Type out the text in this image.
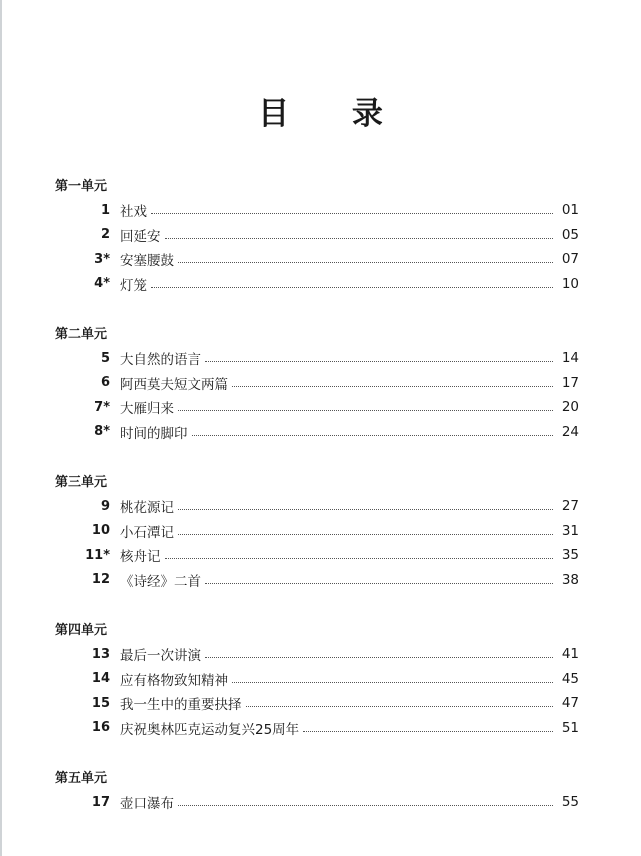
目 录
第一单元
1 社戏	01
2 回延安	05
3* 安塞腰鼓	07
4* 灯笼	10
第二单元
5 大自然的语言	14
6 阿西莫夫短文两篇	17
7* 大雁归来	20
8* 时间的脚印	24
第三单元
9 桃花源记	27
10 小石潭记	31
11* 核舟记	35
12 《诗经》二首	38
第四单元
13 最后一次讲演	41
14 应有格物致知精神	45
15 我一生中的重要抉择	47
16 庆祝奥林匹克运动复兴25周年	51
第五单元
17 壶口瀑布	55
